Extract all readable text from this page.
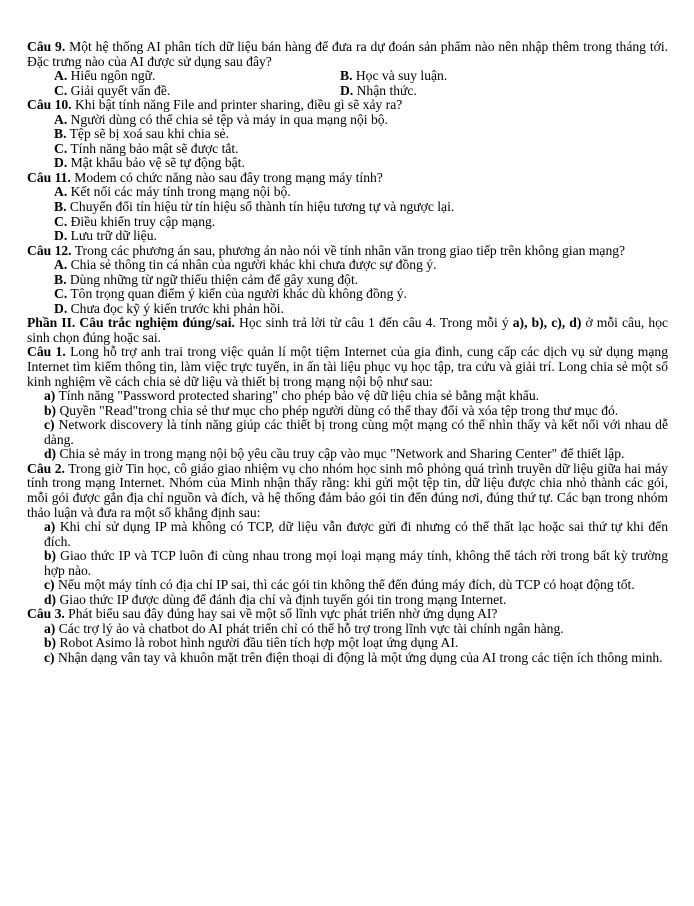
Câu 9. Một hệ thống AI phân tích dữ liệu bán hàng để đưa ra dự đoán sản phẩm nào nên nhập thêm trong tháng tới. Đặc trưng nào của AI được sử dụng sau đây?

A. Hiểu ngôn ngữ.	B. Học và suy luận.
C. Giải quyết vấn đề.	D. Nhận thức.

Câu 10. Khi bật tính năng File and printer sharing, điều gì sẽ xảy ra?

A. Người dùng có thể chia sẻ tệp và máy in qua mạng nội bộ.

B. Tệp sẽ bị xoá sau khi chia sẻ.

C. Tính năng bảo mật sẽ được tắt.

D. Mật khẩu bảo vệ sẽ tự động bật.

Câu 11. Modem có chức năng nào sau đây trong mạng máy tính?

A. Kết nối các máy tính trong mạng nội bộ.

B. Chuyển đổi tín hiệu từ tín hiệu số thành tín hiệu tương tự và ngược lại.

C. Điều khiển truy cập mạng.

D. Lưu trữ dữ liệu.

Câu 12. Trong các phương án sau, phương án nào nói về tính nhân văn trong giao tiếp trên không gian mạng?

A. Chia sẻ thông tin cá nhân của người khác khi chưa được sự đồng ý.

B. Dùng những từ ngữ thiếu thiện cảm để gây xung đột.

C. Tôn trọng quan điểm ý kiến của người khác dù không đồng ý.

D. Chưa đọc kỹ ý kiến trước khi phản hồi.

Phần II. Câu trắc nghiệm đúng/sai. Học sinh trả lời từ câu 1 đến câu 4. Trong mỗi ý a), b), c), d) ở mỗi câu, học sinh chọn đúng hoặc sai.

Câu 1. Long hỗ trợ anh trai trong việc quản lí một tiệm Internet của gia đình, cung cấp các dịch vụ sử dụng mạng Internet tìm kiếm thông tin, làm việc trực tuyến, in ấn tài liệu phục vụ học tập, tra cứu và giải trí. Long chia sẻ một số kinh nghiệm về cách chia sẻ dữ liệu và thiết bị trong mạng nội bộ như sau:

a) Tính năng "Password protected sharing" cho phép bảo vệ dữ liệu chia sẻ bằng mật khẩu.

b) Quyền "Read"trong chia sẻ thư mục cho phép người dùng có thể thay đổi và xóa tệp trong thư mục đó.

c) Network discovery là tính năng giúp các thiết bị trong cùng một mạng có thể nhìn thấy và kết nối với nhau dễ dàng.

d) Chia sẻ máy in trong mạng nội bộ yêu cầu truy cập vào mục "Network and Sharing Center" để thiết lập.

Câu 2. Trong giờ Tin học, cô giáo giao nhiệm vụ cho nhóm học sinh mô phỏng quá trình truyền dữ liệu giữa hai máy tính trong mạng Internet. Nhóm của Minh nhận thấy rằng: khi gửi một tệp tin, dữ liệu được chia nhỏ thành các gói, mỗi gói được gắn địa chỉ nguồn và đích, và hệ thống đảm bảo gói tin đến đúng nơi, đúng thứ tự. Các bạn trong nhóm thảo luận và đưa ra một số khẳng định sau:

a) Khi chỉ sử dụng IP mà không có TCP, dữ liệu vẫn được gửi đi nhưng có thể thất lạc hoặc sai thứ tự khi đến đích.

b) Giao thức IP và TCP luôn đi cùng nhau trong mọi loại mạng máy tính, không thể tách rời trong bất kỳ trường hợp nào.

c) Nếu một máy tính có địa chỉ IP sai, thì các gói tin không thể đến đúng máy đích, dù TCP có hoạt động tốt.

d) Giao thức IP được dùng để đánh địa chỉ và định tuyến gói tin trong mạng Internet.

Câu 3. Phát biểu sau đây đúng hay sai về một số lĩnh vực phát triển nhờ ứng dụng AI?

a) Các trợ lý ảo và chatbot do AI phát triển chỉ có thể hỗ trợ trong lĩnh vực tài chính ngân hàng.

b) Robot Asimo là robot hình người đầu tiên tích hợp một loạt ứng dụng AI.

c) Nhận dạng vân tay và khuôn mặt trên điện thoại di động là một ứng dụng của AI trong các tiện ích thông minh.
